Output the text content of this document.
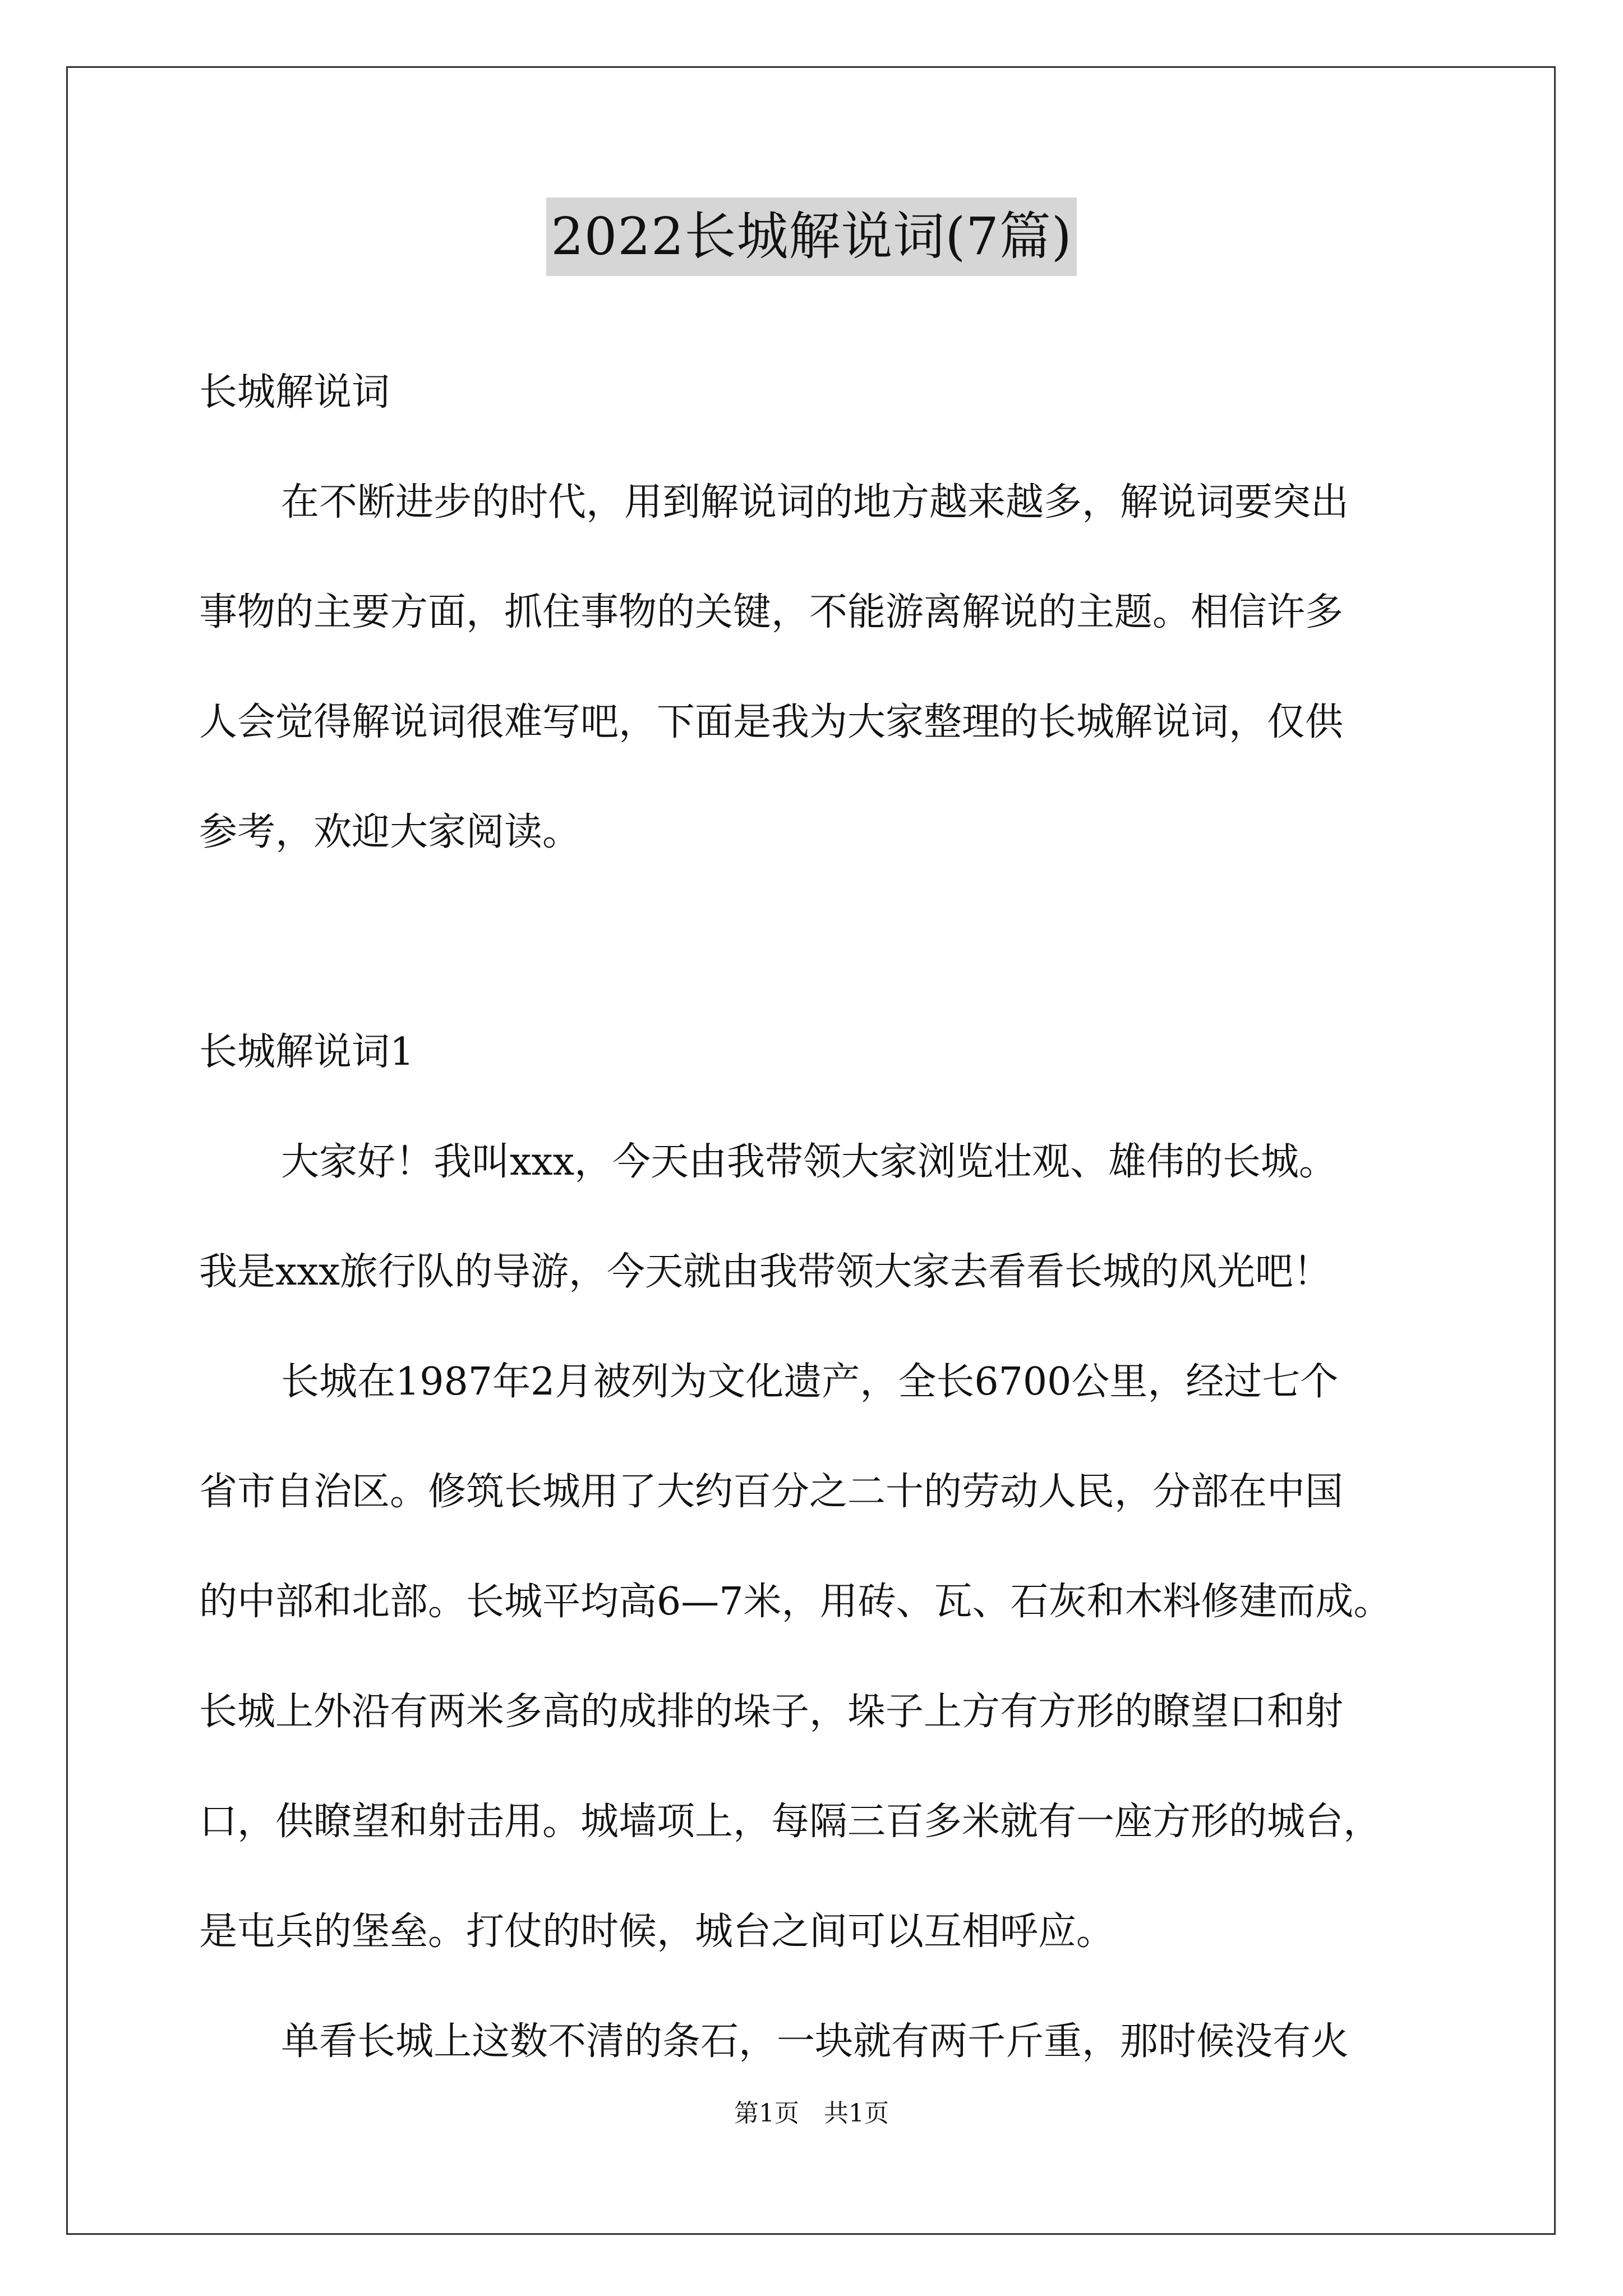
2022长城解说词(7篇)

长城解说词

在不断进步的时代，用到解说词的地方越来越多，解说词要突出

事物的主要方面，抓住事物的关键，不能游离解说的主题。相信许多

人会觉得解说词很难写吧，下面是我为大家整理的长城解说词，仅供

参考，欢迎大家阅读。

长城解说词1

大家好！我叫xxx，今天由我带领大家浏览壮观、雄伟的长城。

我是xxx旅行队的导游，今天就由我带领大家去看看长城的风光吧！

长城在1987年2月被列为文化遗产，全长6700公里，经过七个

省市自治区。修筑长城用了大约百分之二十的劳动人民，分部在中国

的中部和北部。长城平均高6—7米，用砖、瓦、石灰和木料修建而成。

长城上外沿有两米多高的成排的垛子，垛子上方有方形的瞭望口和射

口，供瞭望和射击用。城墙项上，每隔三百多米就有一座方形的城台，

是屯兵的堡垒。打仗的时候，城台之间可以互相呼应。

单看长城上这数不清的条石，一块就有两千斤重，那时候没有火

第1页　共1页
